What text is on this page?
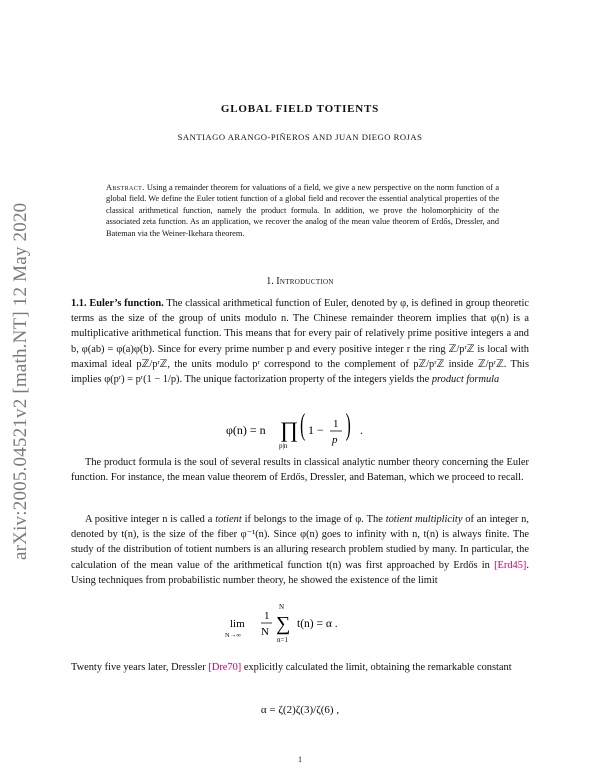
arXiv:2005.04521v2 [math.NT] 12 May 2020
GLOBAL FIELD TOTIENTS
SANTIAGO ARANGO-PIÑEROS AND JUAN DIEGO ROJAS
Abstract. Using a remainder theorem for valuations of a field, we give a new perspective on the norm function of a global field. We define the Euler totient function of a global field and recover the essential analytical properties of the classical arithmetical function, namely the product formula. In addition, we prove the holomorphicity of the associated zeta function. As an application, we recover the analog of the mean value theorem of Erdős, Dressler, and Bateman via the Weiner-Ikehara theorem.
1. Introduction
1.1. Euler’s function. The classical arithmetical function of Euler, denoted by φ, is defined in group theoretic terms as the size of the group of units modulo n. The Chinese remainder theorem implies that φ(n) is a multiplicative arithmetical function. This means that for every pair of relatively prime positive integers a and b, φ(ab) = φ(a)φ(b). Since for every prime number p and every positive integer r the ring ℤ/pʳℤ is local with maximal ideal pℤ/pʳℤ, the units modulo pʳ correspond to the complement of pℤ/pʳℤ inside ℤ/pʳℤ. This implies φ(pʳ) = pʳ(1 − 1/p). The unique factorization property of the integers yields the product formula
φ(n) = n ∏
p|n
( 1 − 1
p ) .
The product formula is the soul of several results in classical analytic number theory concerning the Euler function. For instance, the mean value theorem of Erdős, Dressler, and Bateman, which we proceed to recall.
A positive integer n is called a totient if belongs to the image of φ. The totient multiplicity of an integer n, denoted by t(n), is the size of the fiber φ⁻¹(n). Since φ(n) goes to infinity with n, t(n) is always finite. The study of the distribution of totient numbers is an alluring research problem studied by many. In particular, the calculation of the mean value of the arithmetical function t(n) was first approached by Erdős in [Erd45]. Using techniques from probabilistic number theory, he showed the existence of the limit
lim
N→∞
1
N
N
∑
n=1
t(n) = α .
Twenty five years later, Dressler [Dre70] explicitly calculated the limit, obtaining the remarkable constant
α = ζ(2)ζ(3)/ζ(6) ,
1
